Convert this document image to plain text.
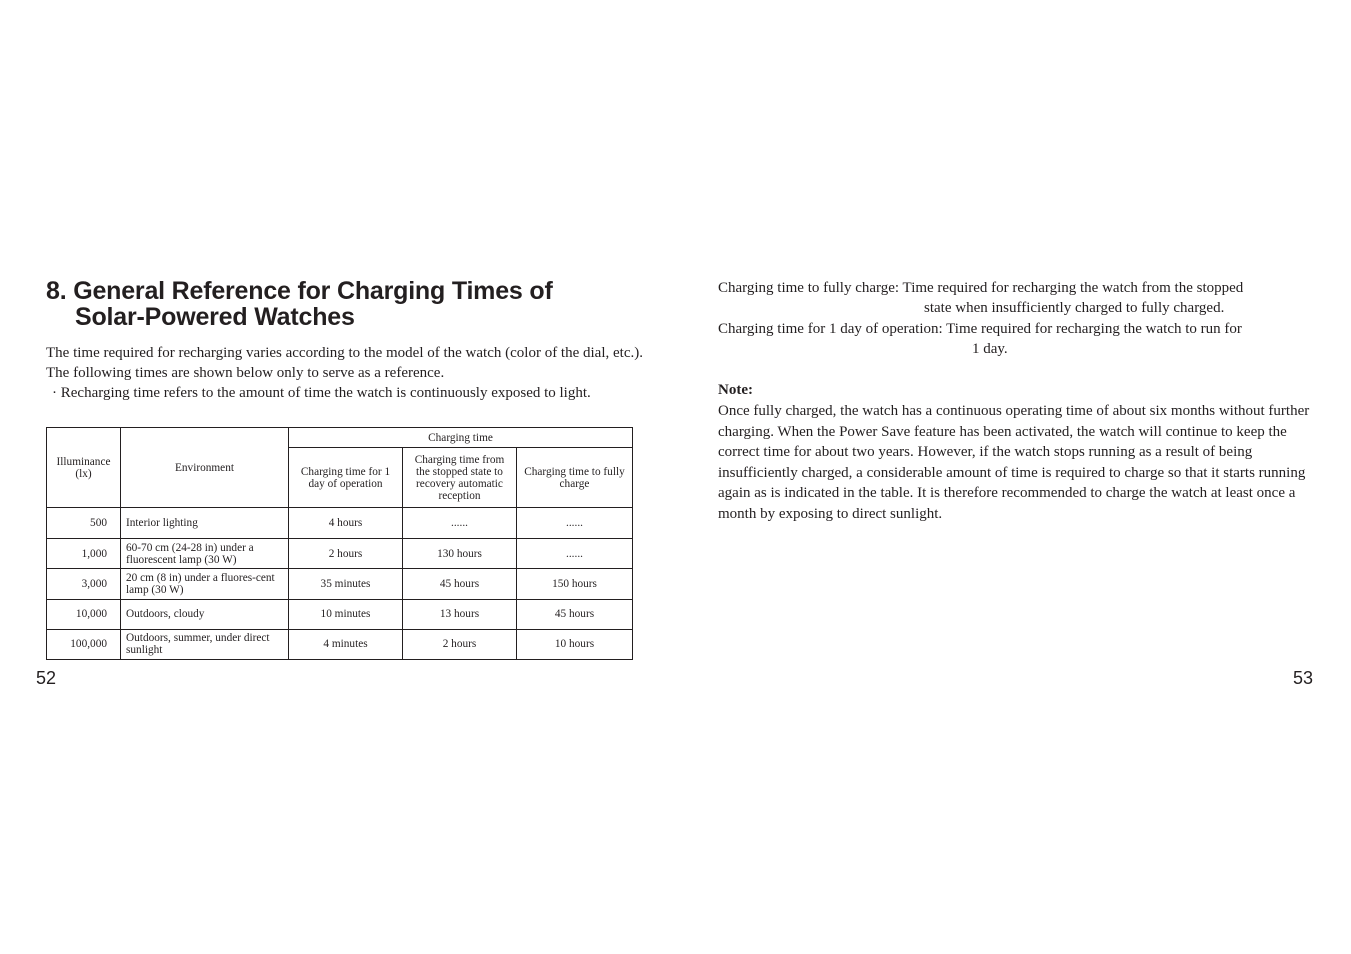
8. General Reference for Charging Times of
Solar-Powered Watches

The time required for recharging varies according to the model of the watch (color of the dial, etc.). The following times are shown below only to serve as a reference.
· Recharging time refers to the amount of time the watch is continuously exposed to light.

Illuminance (lx)	Environment	Charging time		
		Charging time for 1 day of operation	Charging time from the stopped state to recovery automatic reception	Charging time to fully charge
500	Interior lighting	4 hours	......	......
1,000	60-70 cm (24-28 in) under a fluorescent lamp (30 W)	2 hours	130 hours	......
3,000	20 cm (8 in) under a fluores-cent lamp (30 W)	35 minutes	45 hours	150 hours
10,000	Outdoors, cloudy	10 minutes	13 hours	45 hours
100,000	Outdoors, summer, under direct sunlight	4 minutes	2 hours	10 hours
52

Charging time to fully charge: Time required for recharging the watch from the stopped
state when insufficiently charged to fully charged.

Charging time for 1 day of operation: Time required for recharging the watch to run for
1 day.

Note:

Once fully charged, the watch has a continuous operating time of about six months without further charging. When the Power Save feature has been activated, the watch will continue to keep the correct time for about two years. However, if the watch stops running as a result of being insufficiently charged, a considerable amount of time is required to charge so that it starts running again as is indicated in the table. It is therefore recommended to charge the watch at least once a month by exposing to direct sunlight.

53
